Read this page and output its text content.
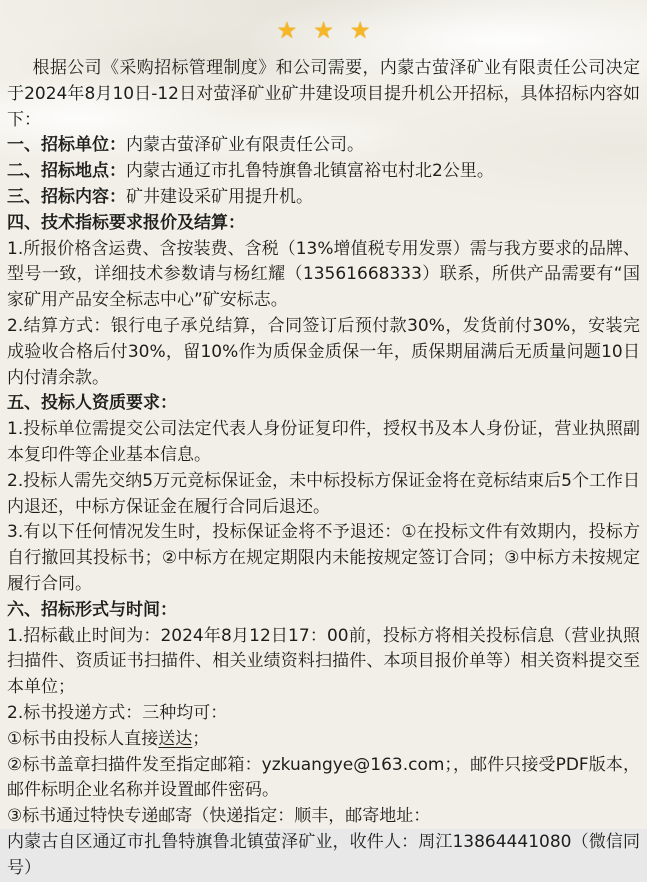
★ ★ ★

根据公司《采购招标管理制度》和公司需要，内蒙古萤泽矿业有限责任公司决定于2024年8月10日-12日对萤泽矿业矿井建设项目提升机公开招标，具体招标内容如下：

一、招标单位：内蒙古萤泽矿业有限责任公司。

二、招标地点：内蒙古通辽市扎鲁特旗鲁北镇富裕屯村北2公里。

三、招标内容：矿井建设采矿用提升机。

四、技术指标要求报价及结算：

1.所报价格含运费、含按装费、含税（13%增值税专用发票）需与我方要求的品牌、型号一致，详细技术参数请与杨红耀（13561668333）联系，所供产品需要有“国家矿用产品安全标志中心”矿安标志。

2.结算方式：银行电子承兑结算，合同签订后预付款30%，发货前付30%，安装完成验收合格后付30%，留10%作为质保金质保一年，质保期届满后无质量问题10日内付清余款。

五、投标人资质要求：

1.投标单位需提交公司法定代表人身份证复印件，授权书及本人身份证，营业执照副本复印件等企业基本信息。

2.投标人需先交纳5万元竞标保证金，未中标投标方保证金将在竞标结束后5个工作日内退还，中标方保证金在履行合同后退还。

3.有以下任何情况发生时，投标保证金将不予退还：①在投标文件有效期内，投标方自行撤回其投标书；②中标方在规定期限内未能按规定签订合同；③中标方未按规定履行合同。

六、招标形式与时间：

1.招标截止时间为：2024年8月12日17：00前，投标方将相关投标信息（营业执照扫描件、资质证书扫描件、相关业绩资料扫描件、本项目报价单等）相关资料提交至本单位；

2.标书投递方式：三种均可：

①标书由投标人直接送达；

②标书盖章扫描件发至指定邮箱：yzkuangye@163.com；，邮件只接受PDF版本，邮件标明企业名称并设置邮件密码。

③标书通过特快专递邮寄（快递指定：顺丰，邮寄地址：

内蒙古自区通辽市扎鲁特旗鲁北镇萤泽矿业，收件人：周江13864441080（微信同号）
